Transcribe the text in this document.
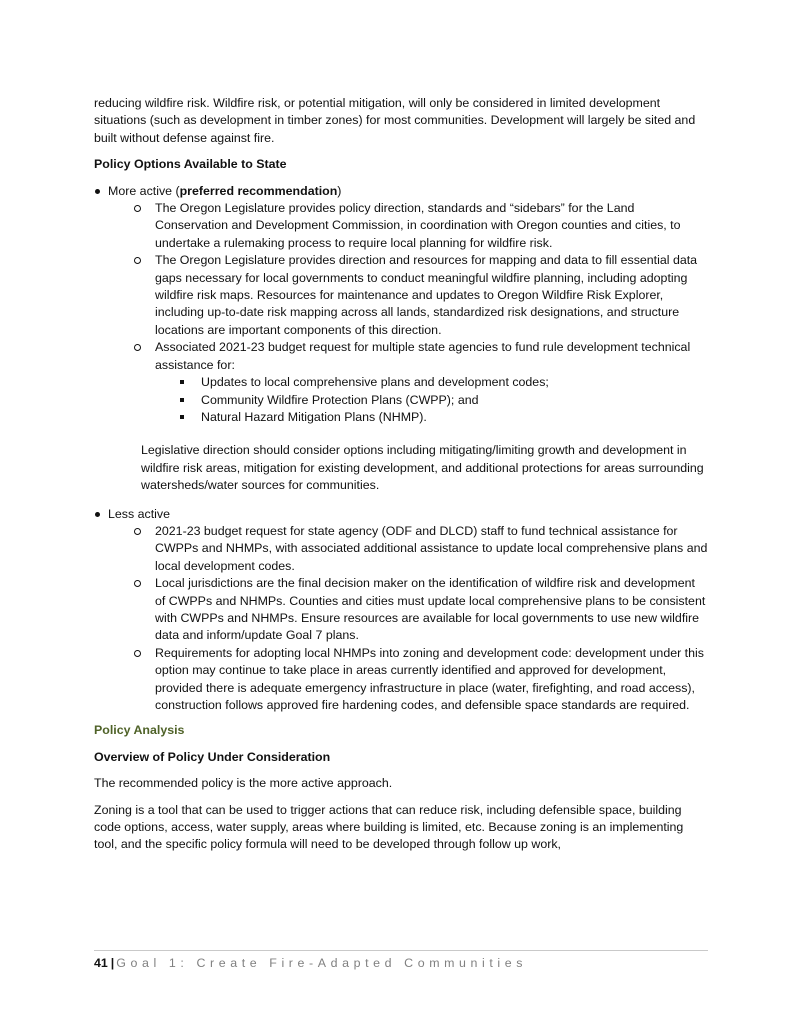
reducing wildfire risk. Wildfire risk, or potential mitigation, will only be considered in limited development situations (such as development in timber zones) for most communities. Development will largely be sited and built without defense against fire.

Policy Options Available to State

More active (preferred recommendation)

The Oregon Legislature provides policy direction, standards and “sidebars” for the Land Conservation and Development Commission, in coordination with Oregon counties and cities, to undertake a rulemaking process to require local planning for wildfire risk.
The Oregon Legislature provides direction and resources for mapping and data to fill essential data gaps necessary for local governments to conduct meaningful wildfire planning, including adopting wildfire risk maps. Resources for maintenance and updates to Oregon Wildfire Risk Explorer, including up-to-date risk mapping across all lands, standardized risk designations, and structure locations are important components of this direction.
Associated 2021-23 budget request for multiple state agencies to fund rule development technical assistance for:
Updates to local comprehensive plans and development codes;
Community Wildfire Protection Plans (CWPP); and
Natural Hazard Mitigation Plans (NHMP).

Legislative direction should consider options including mitigating/limiting growth and development in wildfire risk areas, mitigation for existing development, and additional protections for areas surrounding watersheds/water sources for communities.

Less active

2021-23 budget request for state agency (ODF and DLCD) staff to fund technical assistance for CWPPs and NHMPs, with associated additional assistance to update local comprehensive plans and local development codes.
Local jurisdictions are the final decision maker on the identification of wildfire risk and development of CWPPs and NHMPs. Counties and cities must update local comprehensive plans to be consistent with CWPPs and NHMPs. Ensure resources are available for local governments to use new wildfire data and inform/update Goal 7 plans.
Requirements for adopting local NHMPs into zoning and development code: development under this option may continue to take place in areas currently identified and approved for development, provided there is adequate emergency infrastructure in place (water, firefighting, and road access), construction follows approved fire hardening codes, and defensible space standards are required.

Policy Analysis

Overview of Policy Under Consideration

The recommended policy is the more active approach.

Zoning is a tool that can be used to trigger actions that can reduce risk, including defensible space, building code options, access, water supply, areas where building is limited, etc. Because zoning is an implementing tool, and the specific policy formula will need to be developed through follow up work,

41 | Goal 1: Create Fire-Adapted Communities
